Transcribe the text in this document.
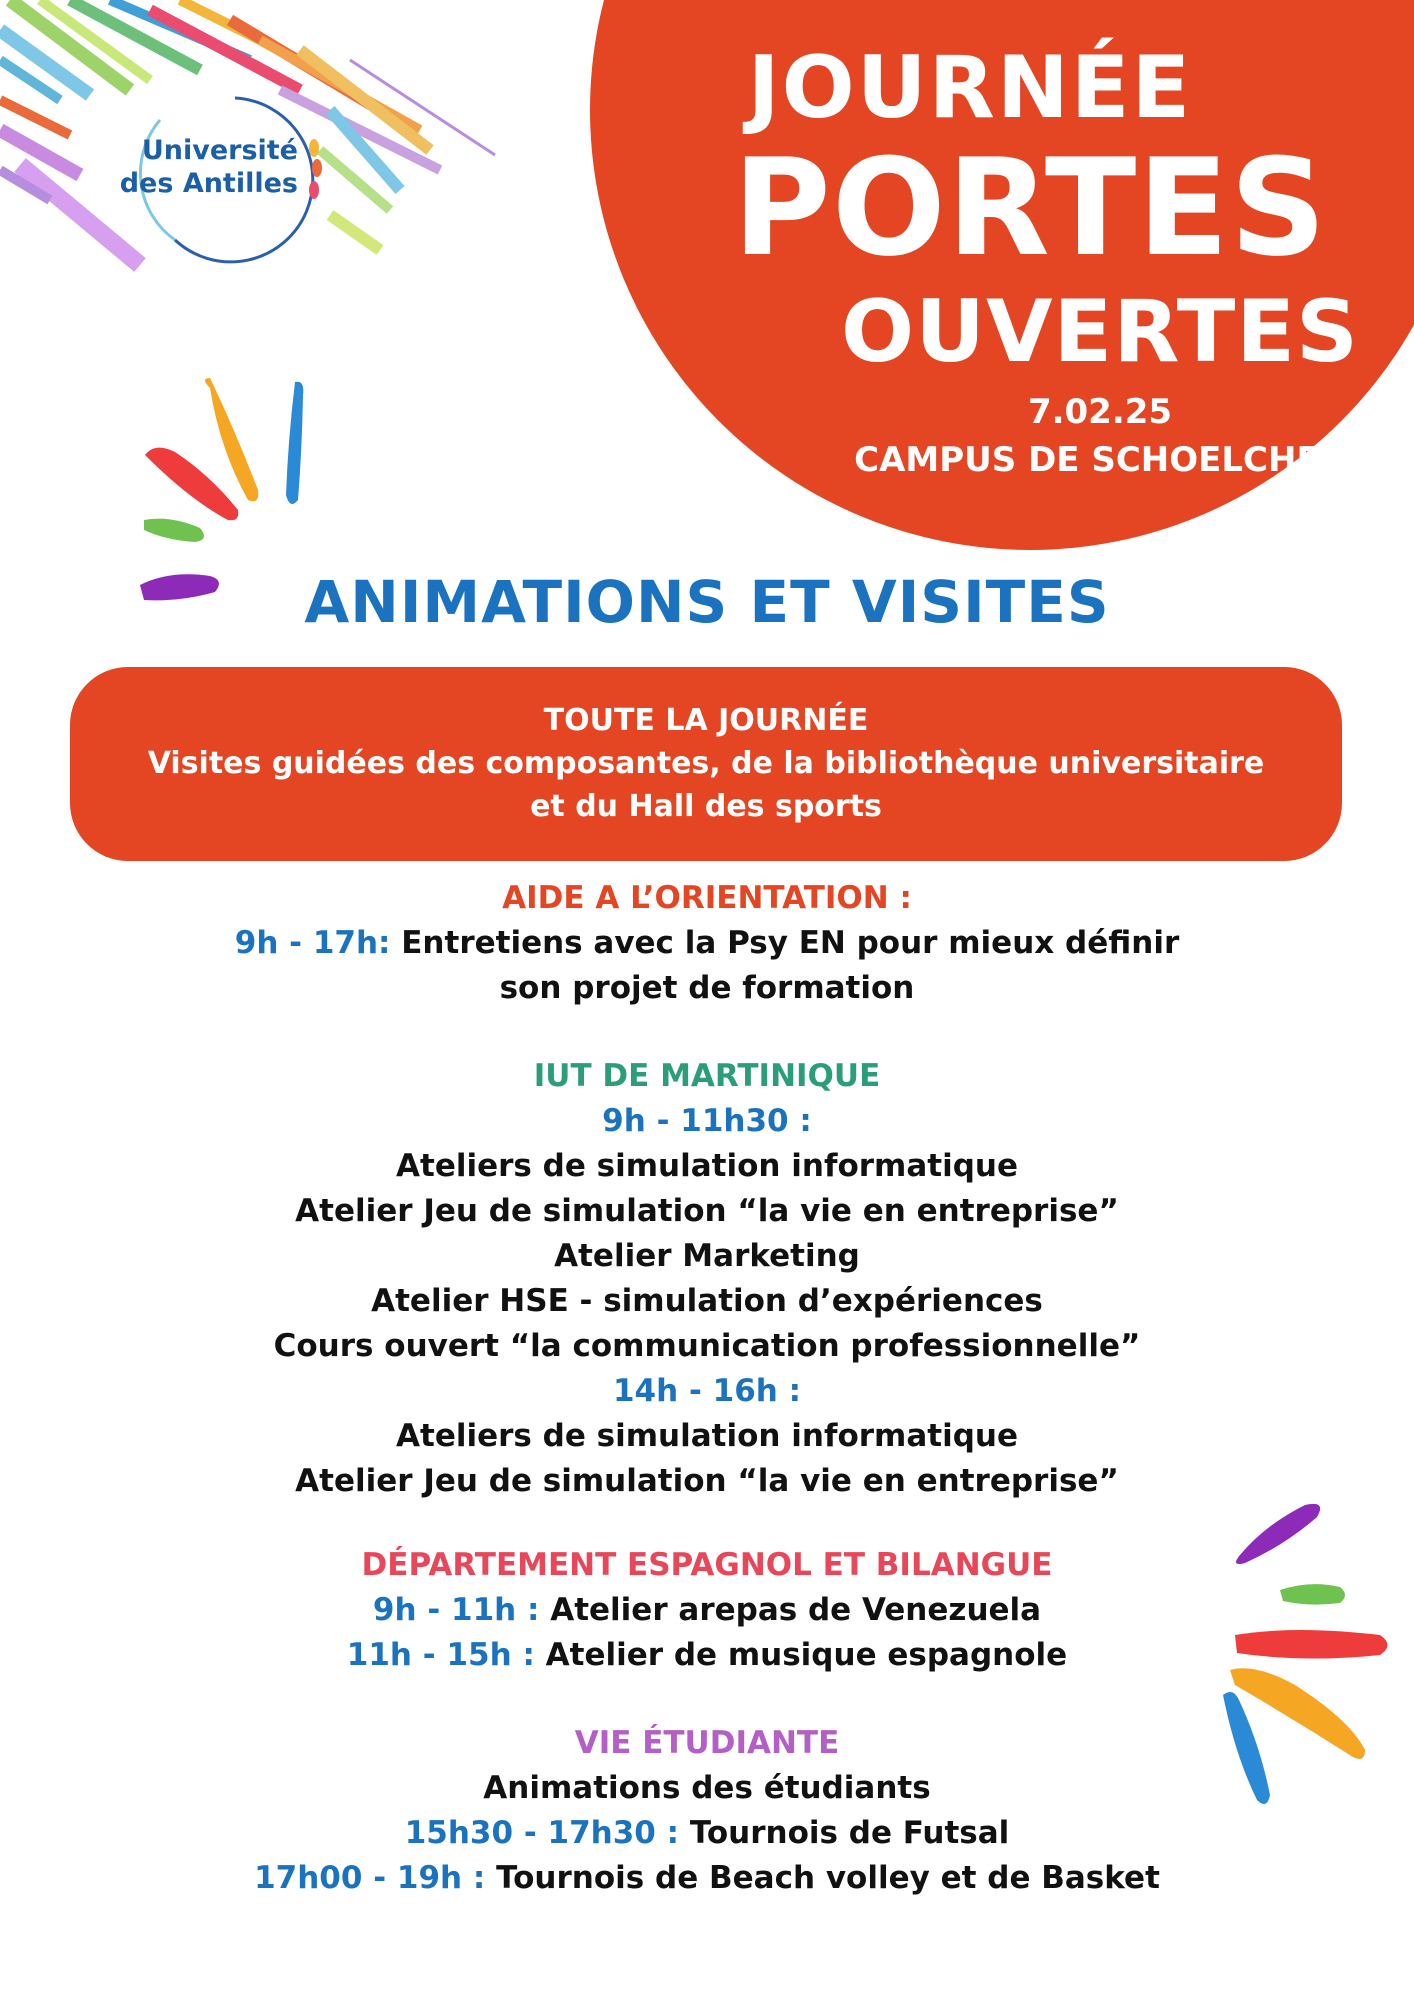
Université
des Antilles
JOURNÉE
PORTES
OUVERTES
7.02.25
CAMPUS DE SCHOELCHER
ANIMATIONS ET VISITES
TOUTE LA JOURNÉE
Visites guidées des composantes, de la bibliothèque universitaire
et du Hall des sports
AIDE A L’ORIENTATION :
9h - 17h: Entretiens avec la Psy EN pour mieux définir
son projet de formation
IUT DE MARTINIQUE
9h - 11h30 :
Ateliers de simulation informatique
Atelier Jeu de simulation “la vie en entreprise”
Atelier Marketing
Atelier HSE - simulation d’expériences
Cours ouvert “la communication professionnelle”
14h - 16h :
Ateliers de simulation informatique
Atelier Jeu de simulation “la vie en entreprise”
DÉPARTEMENT ESPAGNOL ET BILANGUE
9h - 11h : Atelier arepas de Venezuela
11h - 15h : Atelier de musique espagnole
VIE ÉTUDIANTE
Animations des étudiants
15h30 - 17h30 : Tournois de Futsal
17h00 - 19h : Tournois de Beach volley et de Basket
